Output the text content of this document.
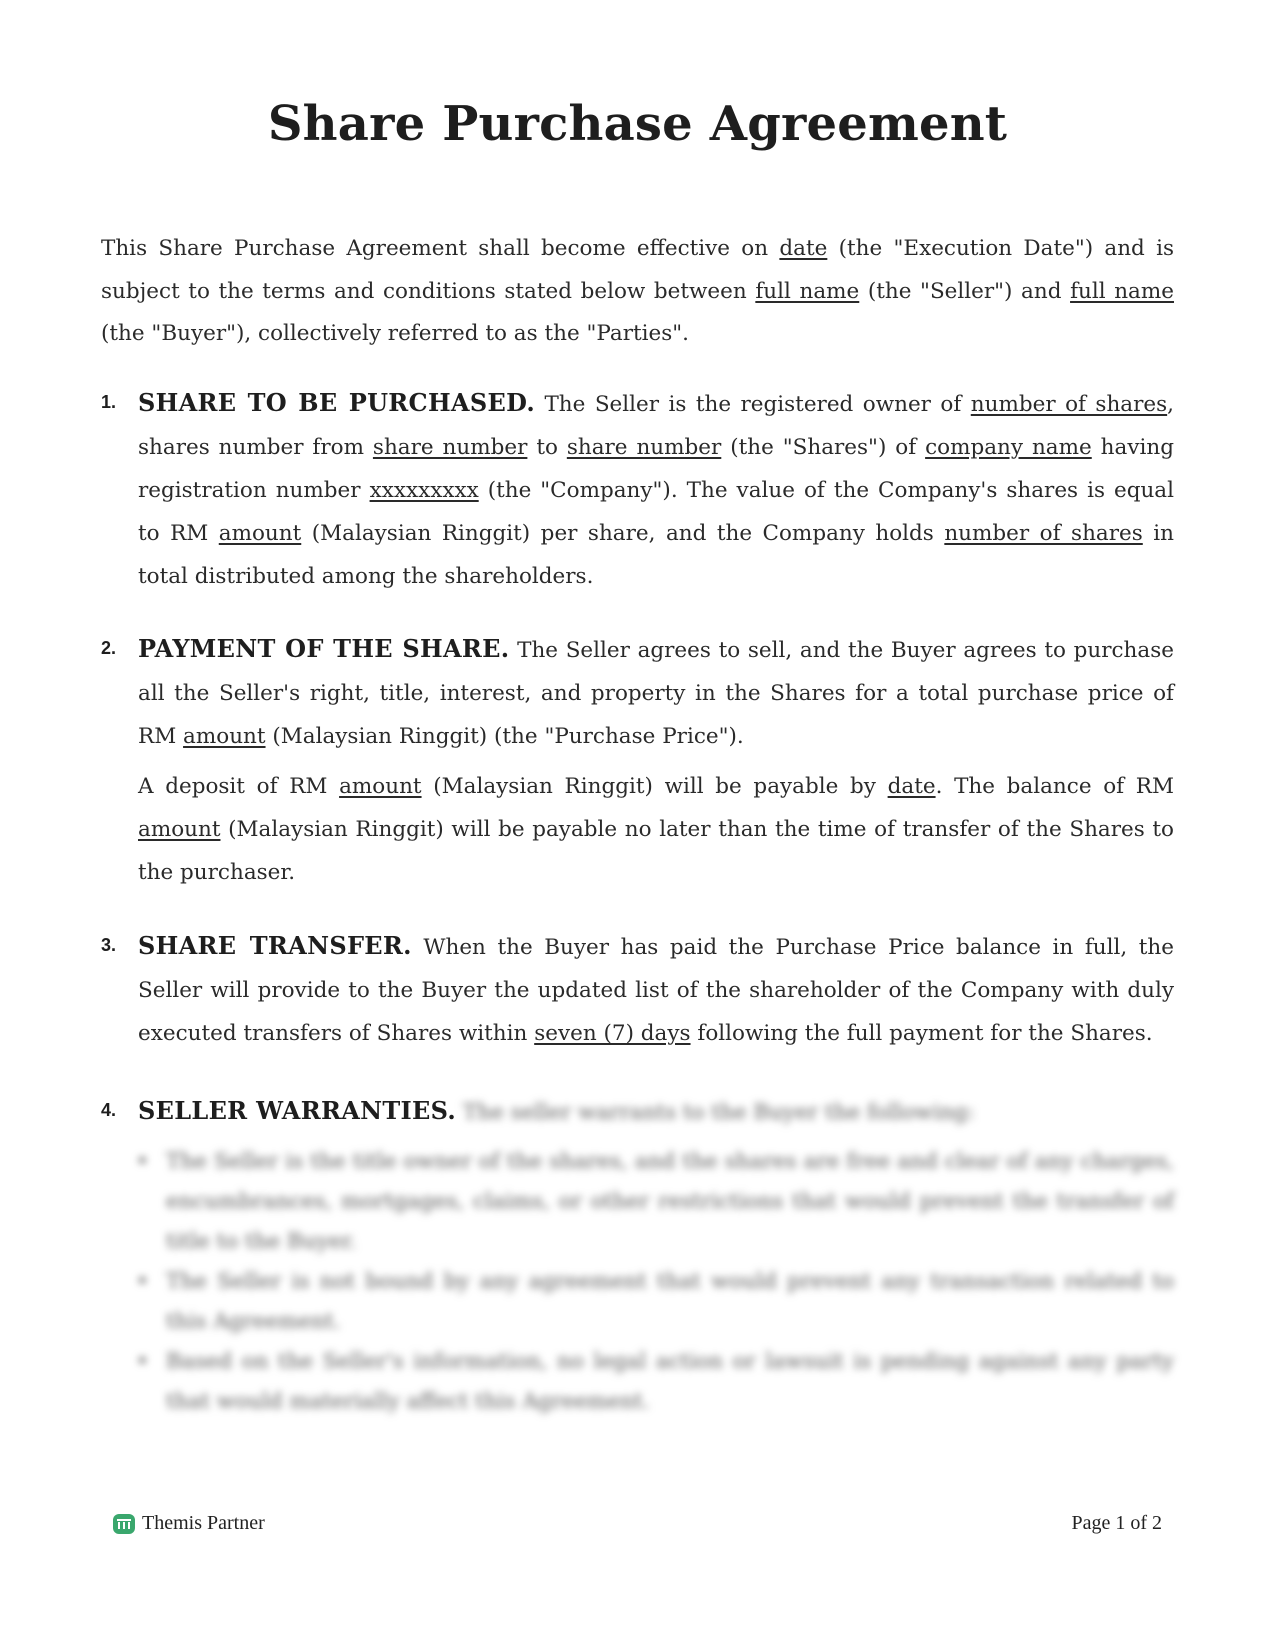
Share Purchase Agreement

This Share Purchase Agreement shall become effective on date (the "Execution Date") and is subject to the terms and conditions stated below between full name (the "Seller") and full name (the "Buyer"), collectively referred to as the "Parties".

1. SHARE TO BE PURCHASED. The Seller is the registered owner of number of shares, shares number from share number to share number (the "Shares") of company name having registration number xxxxxxxxx (the "Company"). The value of the Company's shares is equal to RM amount (Malaysian Ringgit) per share, and the Company holds number of shares in total distributed among the shareholders.

2. PAYMENT OF THE SHARE. The Seller agrees to sell, and the Buyer agrees to purchase all the Seller's right, title, interest, and property in the Shares for a total purchase price of RM amount (Malaysian Ringgit) (the "Purchase Price").

A deposit of RM amount (Malaysian Ringgit) will be payable by date. The balance of RM amount (Malaysian Ringgit) will be payable no later than the time of transfer of the Shares to the purchaser.

3. SHARE TRANSFER. When the Buyer has paid the Purchase Price balance in full, the Seller will provide to the Buyer the updated list of the shareholder of the Company with duly executed transfers of Shares within seven (7) days following the full payment for the Shares.

4. SELLER WARRANTIES. The seller warrants to the Buyer the following:

• The Seller is the title owner of the shares, and the shares are free and clear of any charges, encumbrances, mortgages, claims, or other restrictions that would prevent the transfer of title to the Buyer.
• The Seller is not bound by any agreement that would prevent any transaction related to this Agreement.
• Based on the Seller's information, no legal action or lawsuit is pending against any party that would materially affect this Agreement.
Themis Partner	Page 1 of 2
